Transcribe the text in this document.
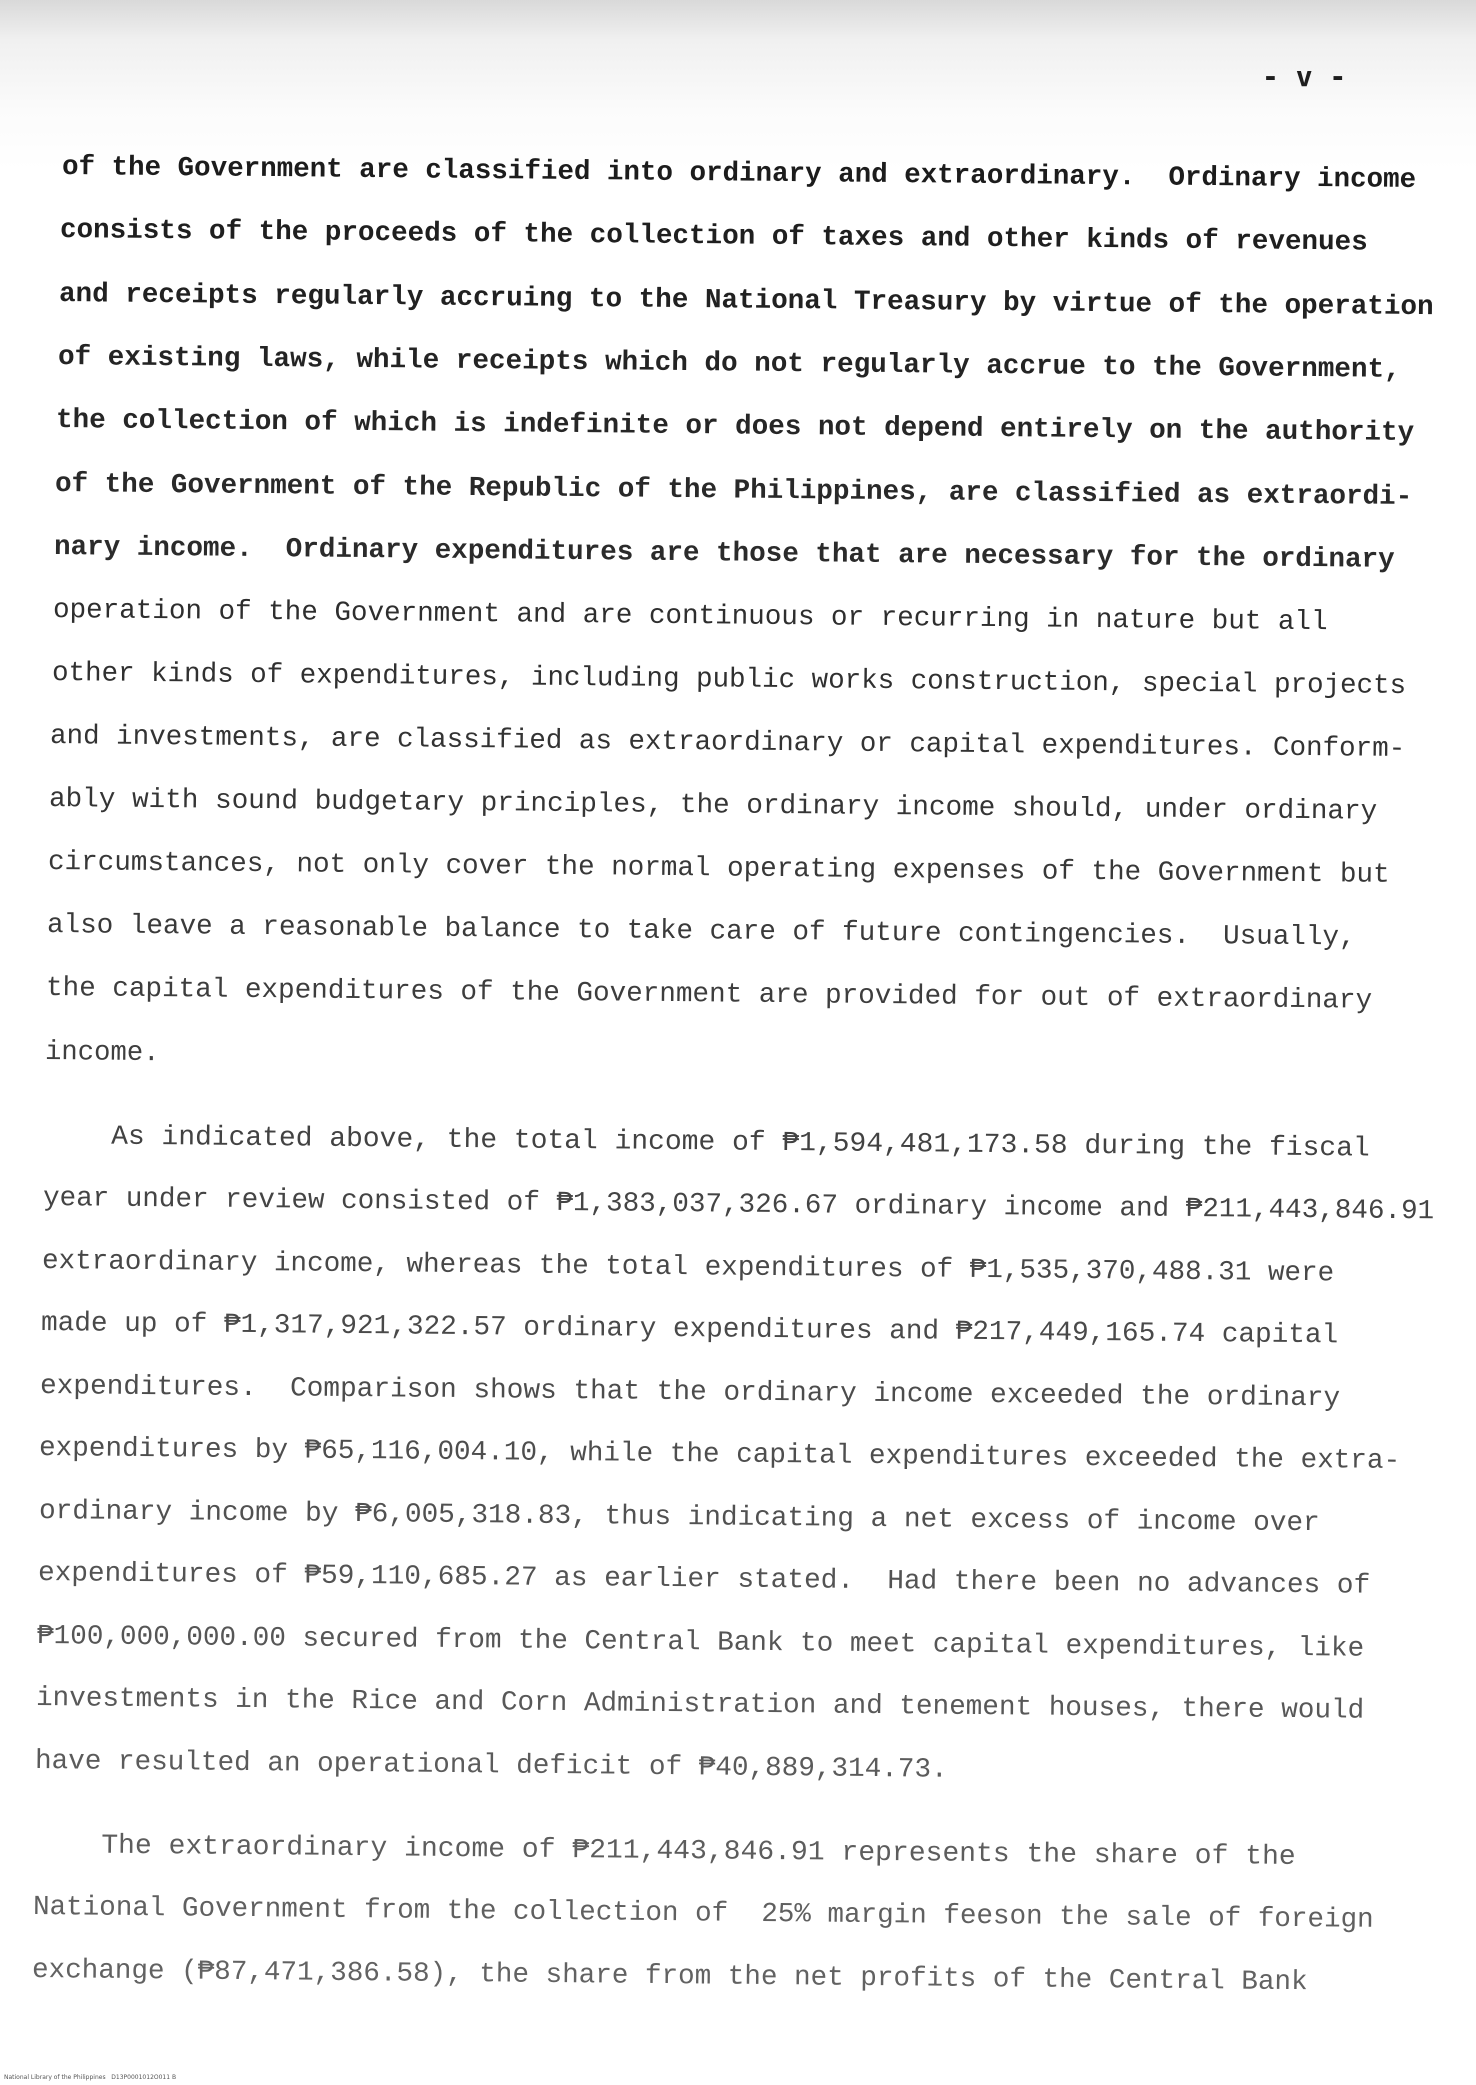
- v -
of the Government are classified into ordinary and extraordinary.  Ordinary income
consists of the proceeds of the collection of taxes and other kinds of revenues
and receipts regularly accruing to the National Treasury by virtue of the operation
of existing laws, while receipts which do not regularly accrue to the Government,
the collection of which is indefinite or does not depend entirely on the authority
of the Government of the Republic of the Philippines, are classified as extraordi-
nary income.  Ordinary expenditures are those that are necessary for the ordinary
operation of the Government and are continuous or recurring in nature but all
other kinds of expenditures, including public works construction, special projects
and investments, are classified as extraordinary or capital expenditures. Conform-
ably with sound budgetary principles, the ordinary income should, under ordinary
circumstances, not only cover the normal operating expenses of the Government but
also leave a reasonable balance to take care of future contingencies.  Usually,
the capital expenditures of the Government are provided for out of extraordinary
income.
As indicated above, the total income of ₱1,594,481,173.58 during the fiscal
year under review consisted of ₱1,383,037,326.67 ordinary income and ₱211,443,846.91
extraordinary income, whereas the total expenditures of ₱1,535,370,488.31 were
made up of ₱1,317,921,322.57 ordinary expenditures and ₱217,449,165.74 capital
expenditures.  Comparison shows that the ordinary income exceeded the ordinary
expenditures by ₱65,116,004.10, while the capital expenditures exceeded the extra-
ordinary income by ₱6,005,318.83, thus indicating a net excess of income over
expenditures of ₱59,110,685.27 as earlier stated.  Had there been no advances of
₱100,000,000.00 secured from the Central Bank to meet capital expenditures, like
investments in the Rice and Corn Administration and tenement houses, there would
have resulted an operational deficit of ₱40,889,314.73.
The extraordinary income of ₱211,443,846.91 represents the share of the
National Government from the collection of  25% margin feeson the sale of foreign
exchange (₱87,471,386.58), the share from the net profits of the Central Bank
National Library of the Philippines   D13P0001012O011 B
